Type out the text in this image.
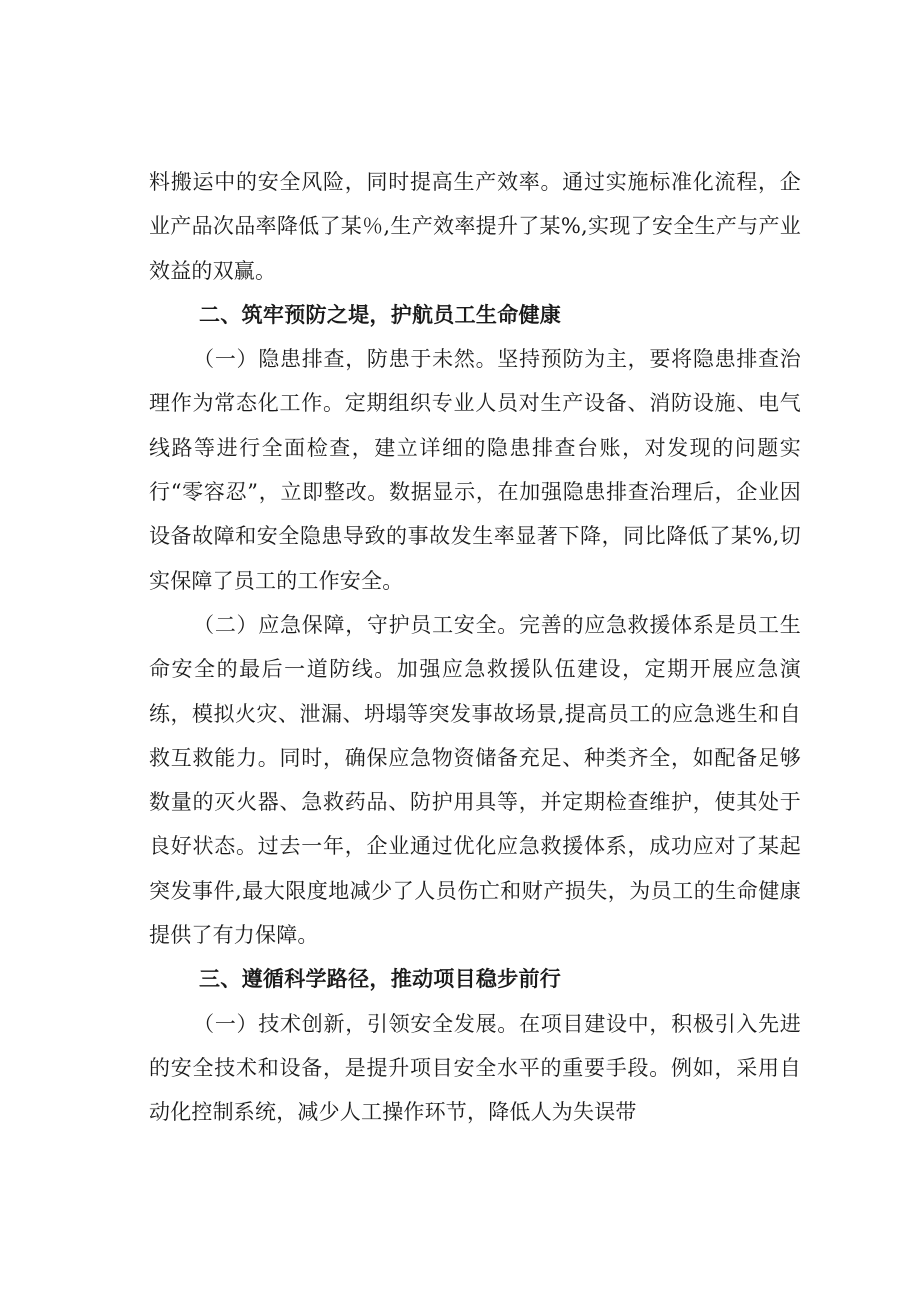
料搬运中的安全风险，同时提高生产效率。通过实施标准化流程，企业产品次品率降低了某％,生产效率提升了某%,实现了安全生产与产业效益的双赢。

二、筑牢预防之堤，护航员工生命健康

（一）隐患排查，防患于未然。坚持预防为主，要将隐患排查治理作为常态化工作。定期组织专业人员对生产设备、消防设施、电气线路等进行全面检查，建立详细的隐患排查台账，对发现的问题实行“零容忍”，立即整改。数据显示，在加强隐患排查治理后，企业因设备故障和安全隐患导致的事故发生率显著下降，同比降低了某%,切实保障了员工的工作安全。

（二）应急保障，守护员工安全。完善的应急救援体系是员工生命安全的最后一道防线。加强应急救援队伍建设，定期开展应急演练，模拟火灾、泄漏、坍塌等突发事故场景,提高员工的应急逃生和自救互救能力。同时，确保应急物资储备充足、种类齐全，如配备足够数量的灭火器、急救药品、防护用具等，并定期检查维护，使其处于良好状态。过去一年，企业通过优化应急救援体系，成功应对了某起突发事件,最大限度地减少了人员伤亡和财产损失，为员工的生命健康提供了有力保障。

三、遵循科学路径，推动项目稳步前行

（一）技术创新，引领安全发展。在项目建设中，积极引入先进的安全技术和设备，是提升项目安全水平的重要手段。例如，采用自动化控制系统，减少人工操作环节，降低人为失误带
